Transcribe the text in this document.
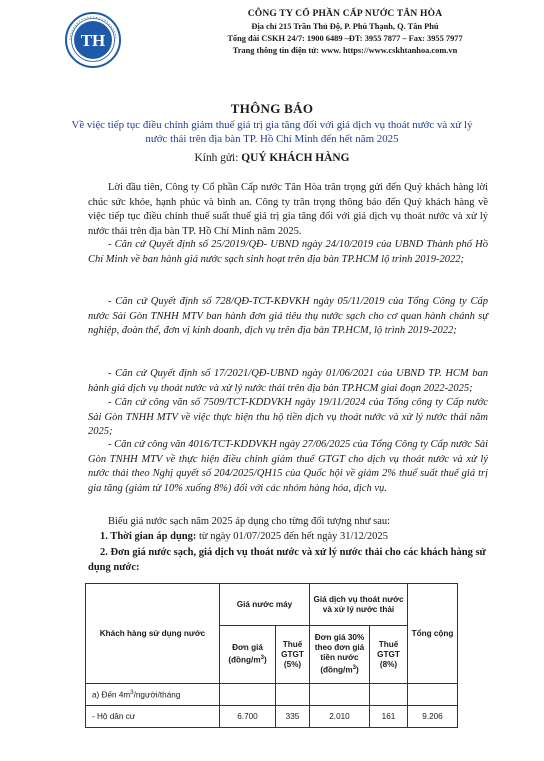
TH
CÔNG TY CỔ PHẦN CẤP NƯỚC TÂN HÒA
Địa chỉ 215 Trần Thủ Độ, P. Phú Thạnh, Q. Tân Phú
Tổng đài CSKH 24/7: 1900 6489 –ĐT: 3955 7877 – Fax: 3955 7977
Trang thông tin điện tử: www. https://www.cskhtanhoa.com.vn
THÔNG BÁO
Về việc tiếp tục điều chỉnh giảm thuế giá trị gia tăng đối với giá dịch vụ thoát nước và xử lý nước thải trên địa bàn TP. Hồ Chí Minh đến hết năm 2025
Kính gửi: QUÝ KHÁCH HÀNG
Lời đầu tiên, Công ty Cổ phần Cấp nước Tân Hòa trân trọng gửi đến Quý khách hàng lời chúc sức khỏe, hạnh phúc và bình an. Công ty trân trọng thông báo đến Quý khách hàng về việc tiếp tục điều chỉnh thuế suất thuế giá trị gia tăng đối với giá dịch vụ thoát nước và xử lý nước thải trên địa bàn TP. Hồ Chí Minh năm 2025.
- Căn cứ Quyết định số 25/2019/QĐ- UBND ngày 24/10/2019 của UBND Thành phố Hồ Chí Minh về ban hành giá nước sạch sinh hoạt trên địa bàn TP.HCM lộ trình 2019-2022;
- Căn cứ Quyết định số 728/QĐ-TCT-KĐVKH ngày 05/11/2019 của Tổng Công ty Cấp nước Sài Gòn TNHH MTV ban hành đơn giá tiêu thụ nước sạch cho cơ quan hành chánh sự nghiệp, đoàn thể, đơn vị kinh doanh, dịch vụ trên địa bàn TP.HCM, lộ trình 2019-2022;
- Căn cứ Quyết định số 17/2021/QĐ-UBND ngày 01/06/2021 của UBND TP. HCM ban hành giá dịch vụ thoát nước và xử lý nước thải trên địa bàn TP.HCM giai đoạn 2022-2025;
- Căn cứ công văn số 7509/TCT-KDDVKH ngày 19/11/2024 của Tổng công ty Cấp nước Sài Gòn TNHH MTV về việc thực hiện thu hộ tiền dịch vụ thoát nước và xử lý nước thải năm 2025;
- Căn cứ công văn 4016/TCT-KDDVKH ngày 27/06/2025 của Tổng Công ty Cấp nước Sài Gòn TNHH MTV về thực hiện điều chỉnh giảm thuế GTGT cho dịch vụ thoát nước và xử lý nước thải theo Nghị quyết số 204/2025/QH15 của Quốc hội về giảm 2% thuế suất thuế giá trị gia tăng (giảm từ 10% xuống 8%) đối với các nhóm hàng hóa, dịch vụ.
Biểu giá nước sạch năm 2025 áp dụng cho từng đối tượng như sau:
1. Thời gian áp dụng: từ ngày 01/07/2025 đến hết ngày 31/12/2025
2. Đơn giá nước sạch, giá dịch vụ thoát nước và xử lý nước thải cho các khách hàng sử dụng nước:
Khách hàng sử dụng nước	Giá nước máy		Giá dịch vụ thoát nước và xử lý nước thải		Tổng cộng
	Đơn giá $(đồng/m^3)$	Thuế GTGT (5%)	Đơn giá 30% theo đơn giá tiền nước $(đồng/m^3)$	Thuế GTGT (8%)	
a) Đến $4m^3/người$/tháng					
- Hộ dân cư	6.700	335	2.010	161	9.206
